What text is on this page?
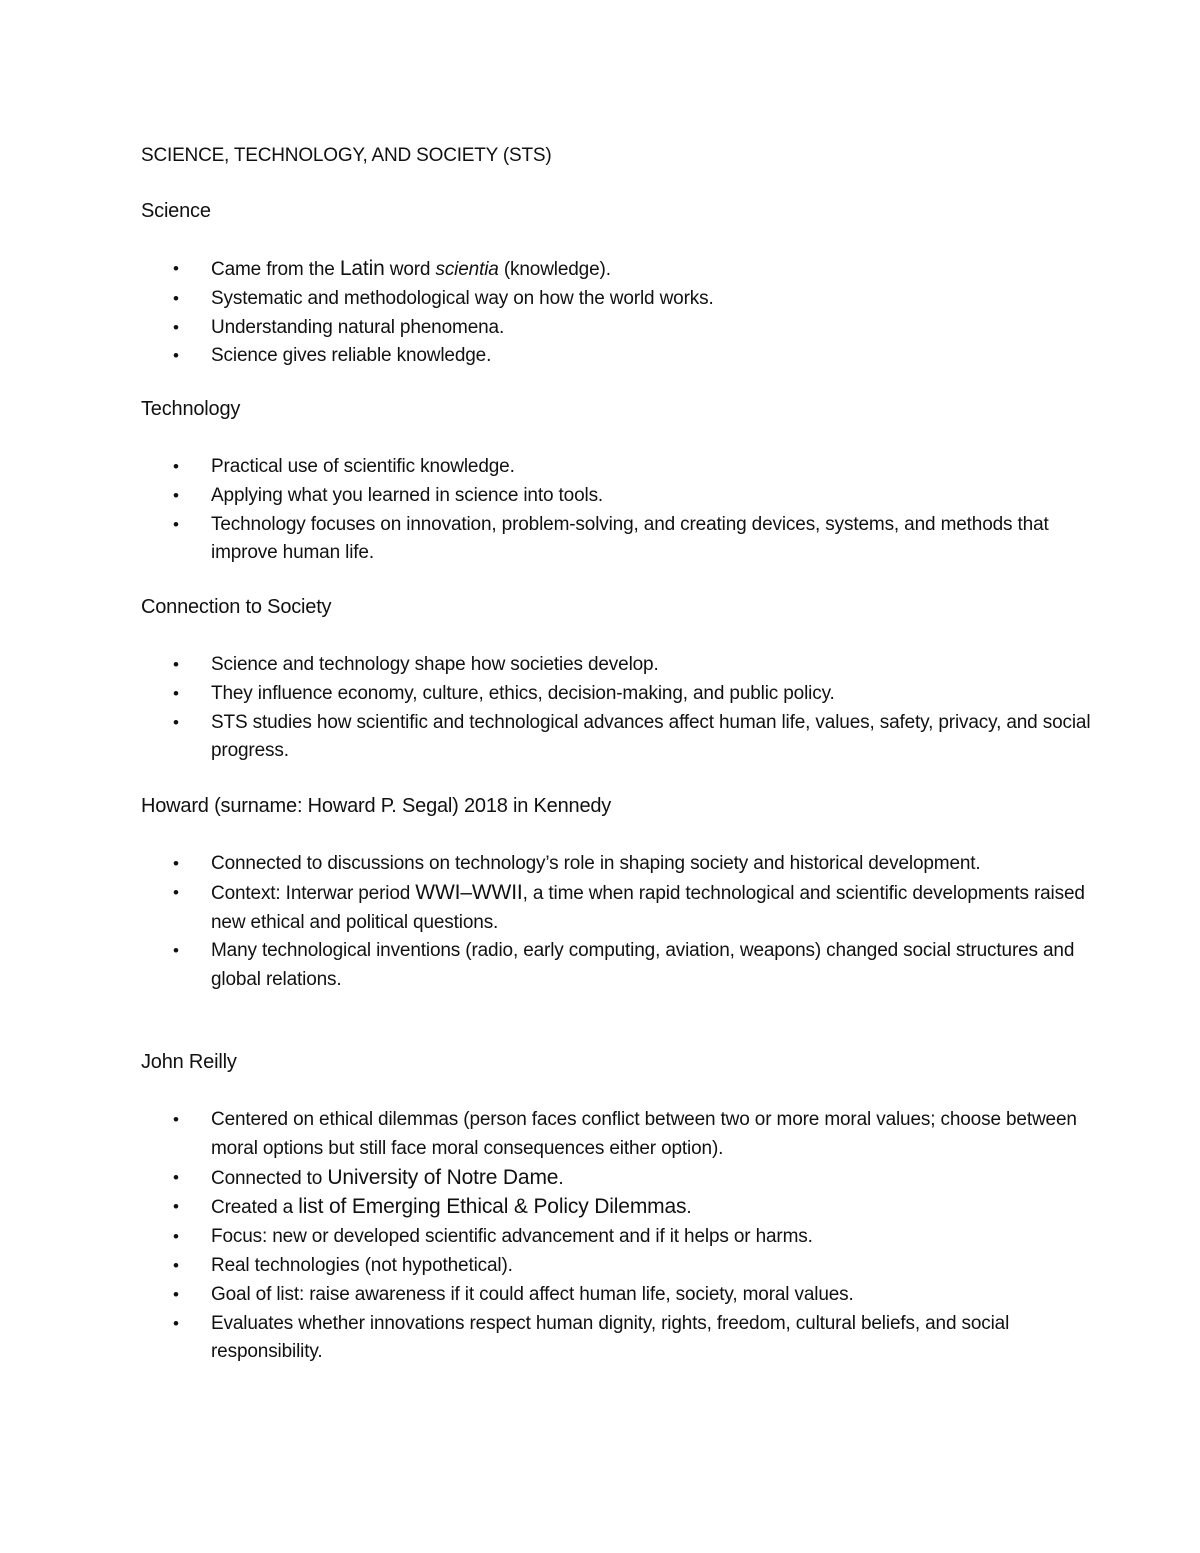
SCIENCE, TECHNOLOGY, AND SOCIETY (STS)
Science
• Came from the Latin word scientia (knowledge).
• Systematic and methodological way on how the world works.
• Understanding natural phenomena.
• Science gives reliable knowledge.
Technology
• Practical use of scientific knowledge.
• Applying what you learned in science into tools.
• Technology focuses on innovation, problem-solving, and creating devices, systems, and methods that improve human life.
Connection to Society
• Science and technology shape how societies develop.
• They influence economy, culture, ethics, decision-making, and public policy.
• STS studies how scientific and technological advances affect human life, values, safety, privacy, and social progress.
Howard (surname: Howard P. Segal) 2018 in Kennedy
• Connected to discussions on technology’s role in shaping society and historical development.
• Context: Interwar period WWI–WWII, a time when rapid technological and scientific developments raised new ethical and political questions.
• Many technological inventions (radio, early computing, aviation, weapons) changed social structures and global relations.
John Reilly
• Centered on ethical dilemmas (person faces conflict between two or more moral values; choose between moral options but still face moral consequences either option).
• Connected to University of Notre Dame.
• Created a list of Emerging Ethical & Policy Dilemmas.
• Focus: new or developed scientific advancement and if it helps or harms.
• Real technologies (not hypothetical).
• Goal of list: raise awareness if it could affect human life, society, moral values.
• Evaluates whether innovations respect human dignity, rights, freedom, cultural beliefs, and social responsibility.
